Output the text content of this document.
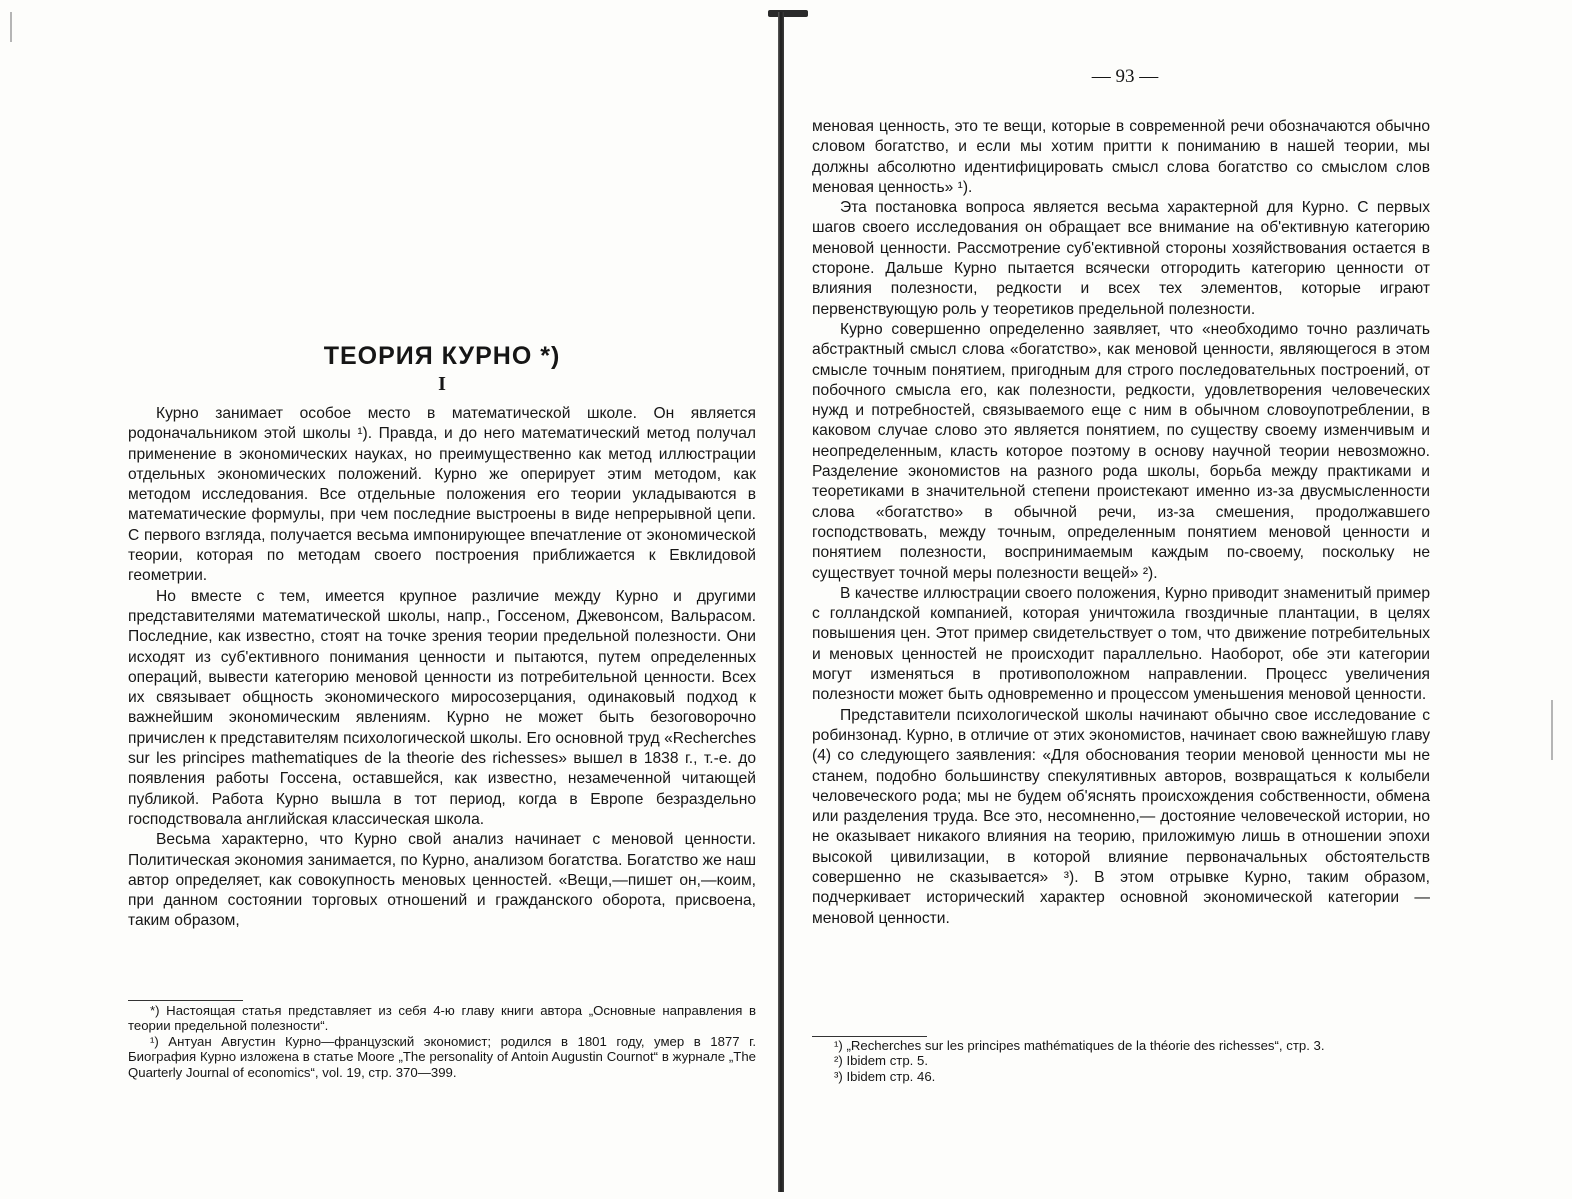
ТЕОРИЯ КУРНО *)
I

Курно занимает особое место в математической школе. Он является родоначальником этой школы ¹). Правда, и до него математический метод получал применение в экономических науках, но преимущественно как метод иллюстрации отдельных экономических положений. Курно же оперирует этим методом, как методом исследования. Все отдельные положения его теории укладываются в математические формулы, при чем последние выстроены в виде непрерывной цепи. С первого взгляда, получается весьма импонирующее впечатление от экономической теории, которая по методам своего построения приближается к Евклидовой геометрии.

Но вместе с тем, имеется крупное различие между Курно и другими представителями математической школы, напр., Госсеном, Джевонсом, Вальрасом. Последние, как известно, стоят на точке зрения теории предельной полезности. Они исходят из суб'ективного понимания ценности и пытаются, путем определенных операций, вывести категорию меновой ценности из потребительной ценности. Всех их связывает общность экономического миросозерцания, одинаковый подход к важнейшим экономическим явлениям. Курно не может быть безоговорочно причислен к представителям психологической школы. Его основной труд «Recherches sur les principes mathematiques de la theorie des richesses» вышел в 1838 г., т.-е. до появления работы Госсена, оставшейся, как известно, незамеченной читающей публикой. Работа Курно вышла в тот период, когда в Европе безраздельно господствовала английская классическая школа.

Весьма характерно, что Курно свой анализ начинает с меновой ценности. Политическая экономия занимается, по Курно, анализом богатства. Богатство же наш автор определяет, как совокупность меновых ценностей. «Вещи,—пишет он,—коим, при данном состоянии торговых отношений и гражданского оборота, присвоена, таким образом,

*) Настоящая статья представляет из себя 4-ю главу книги автора „Основные направления в теории предельной полезности“.

¹) Антуан Августин Курно—французский экономист; родился в 1801 году, умер в 1877 г. Биография Курно изложена в статье Moore „The personality of Antoin Augustin Cournot“ в журнале „The Quarterly Journal of economics“, vol. 19, стр. 370—399.

— 93 —

меновая ценность, это те вещи, которые в современной речи обозначаются обычно словом богатство, и если мы хотим притти к пониманию в нашей теории, мы должны абсолютно идентифицировать смысл слова богатство со смыслом слов меновая ценность» ¹).

Эта постановка вопроса является весьма характерной для Курно. С первых шагов своего исследования он обращает все внимание на об'ективную категорию меновой ценности. Рассмотрение суб'ективной стороны хозяйствования остается в стороне. Дальше Курно пытается всячески отгородить категорию ценности от влияния полезности, редкости и всех тех элементов, которые играют первенствующую роль у теоретиков предельной полезности.

Курно совершенно определенно заявляет, что «необходимо точно различать абстрактный смысл слова «богатство», как меновой ценности, являющегося в этом смысле точным понятием, пригодным для строго последовательных построений, от побочного смысла его, как полезности, редкости, удовлетворения человеческих нужд и потребностей, связываемого еще с ним в обычном словоупотреблении, в каковом случае слово это является понятием, по существу своему изменчивым и неопределенным, класть которое поэтому в основу научной теории невозможно. Разделение экономистов на разного рода школы, борьба между практиками и теоретиками в значительной степени проистекают именно из-за двусмысленности слова «богатство» в обычной речи, из-за смешения, продолжавшего господствовать, между точным, определенным понятием меновой ценности и понятием полезности, воспринимаемым каждым по-своему, поскольку не существует точной меры полезности вещей» ²).

В качестве иллюстрации своего положения, Курно приводит знаменитый пример с голландской компанией, которая уничтожила гвоздичные плантации, в целях повышения цен. Этот пример свидетельствует о том, что движение потребительных и меновых ценностей не происходит параллельно. Наоборот, обе эти категории могут изменяться в противоположном направлении. Процесс увеличения полезности может быть одновременно и процессом уменьшения меновой ценности.

Представители психологической школы начинают обычно свое исследование с робинзонад. Курно, в отличие от этих экономистов, начинает свою важнейшую главу (4) со следующего заявления: «Для обоснования теории меновой ценности мы не станем, подобно большинству спекулятивных авторов, возвращаться к колыбели человеческого рода; мы не будем об'яснять происхождения собственности, обмена или разделения труда. Все это, несомненно,— достояние человеческой истории, но не оказывает никакого влияния на теорию, приложимую лишь в отношении эпохи высокой цивилизации, в которой влияние первоначальных обстоятельств совершенно не сказывается» ³). В этом отрывке Курно, таким образом, подчеркивает исторический характер основной экономической категории — меновой ценности.

¹) „Recherches sur les principes mathématiques de la théorie des richesses“, стр. 3.

²) Ibidem стр. 5.

³) Ibidem стр. 46.
